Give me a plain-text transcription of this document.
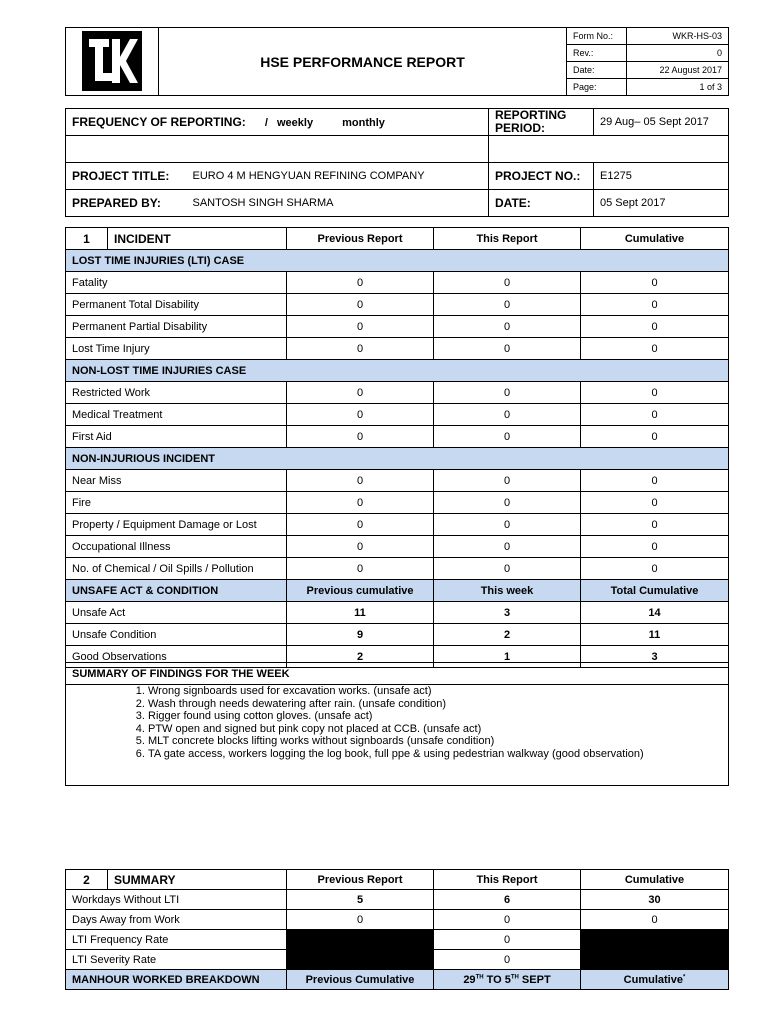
	HSE PERFORMANCE REPORT	Form No.:	WKR-HS-03
		Rev.:	0
		Date:	22 August 2017
		Page:	1 of 3
FREQUENCY OF REPORTING: / weekly monthly		REPORTING PERIOD:	29 Aug– 05 Sept 2017

PROJECT TITLE:	EURO 4 M HENGYUAN REFINING COMPANY	PROJECT NO.:	E1275
PREPARED BY:	SANTOSH SINGH SHARMA	DATE:	05 Sept 2017
1	INCIDENT	Previous Report	This Report	Cumulative
LOST TIME INJURIES (LTI) CASE				
Fatality		0	0	0
Permanent Total Disability		0	0	0
Permanent Partial Disability		0	0	0
Lost Time Injury		0	0	0
NON-LOST TIME INJURIES CASE				
Restricted Work		0	0	0
Medical Treatment		0	0	0
First Aid		0	0	0
NON-INJURIOUS INCIDENT				
Near Miss		0	0	0
Fire		0	0	0
Property / Equipment Damage or Lost		0	0	0
Occupational Illness		0	0	0
No. of Chemical / Oil Spills / Pollution		0	0	0
UNSAFE ACT & CONDITION		Previous cumulative	This week	Total Cumulative
Unsafe Act		11	3	14
Unsafe Condition		9	2	11
Good Observations		2	1	3
SUMMARY OF FINDINGS FOR THE WEEK

1. Wrong signboards used for excavation works. (unsafe act)
2. Wash through needs dewatering after rain. (unsafe condition)
3. Rigger found using cotton gloves. (unsafe act)
4. PTW open and signed but pink copy not placed at CCB. (unsafe act)
5. MLT concrete blocks lifting works without signboards (unsafe condition)
6. TA gate access, workers logging the log book, full ppe & using pedestrian walkway (good observation)
2	SUMMARY	Previous Report	This Report	Cumulative
Workdays Without LTI		5	6	30
Days Away from Work		0	0	0
LTI Frequency Rate			0	
LTI Severity Rate			0	
MANHOUR WORKED BREAKDOWN		Previous Cumulative	29TH TO 5TH SEPT	Cumulative*
